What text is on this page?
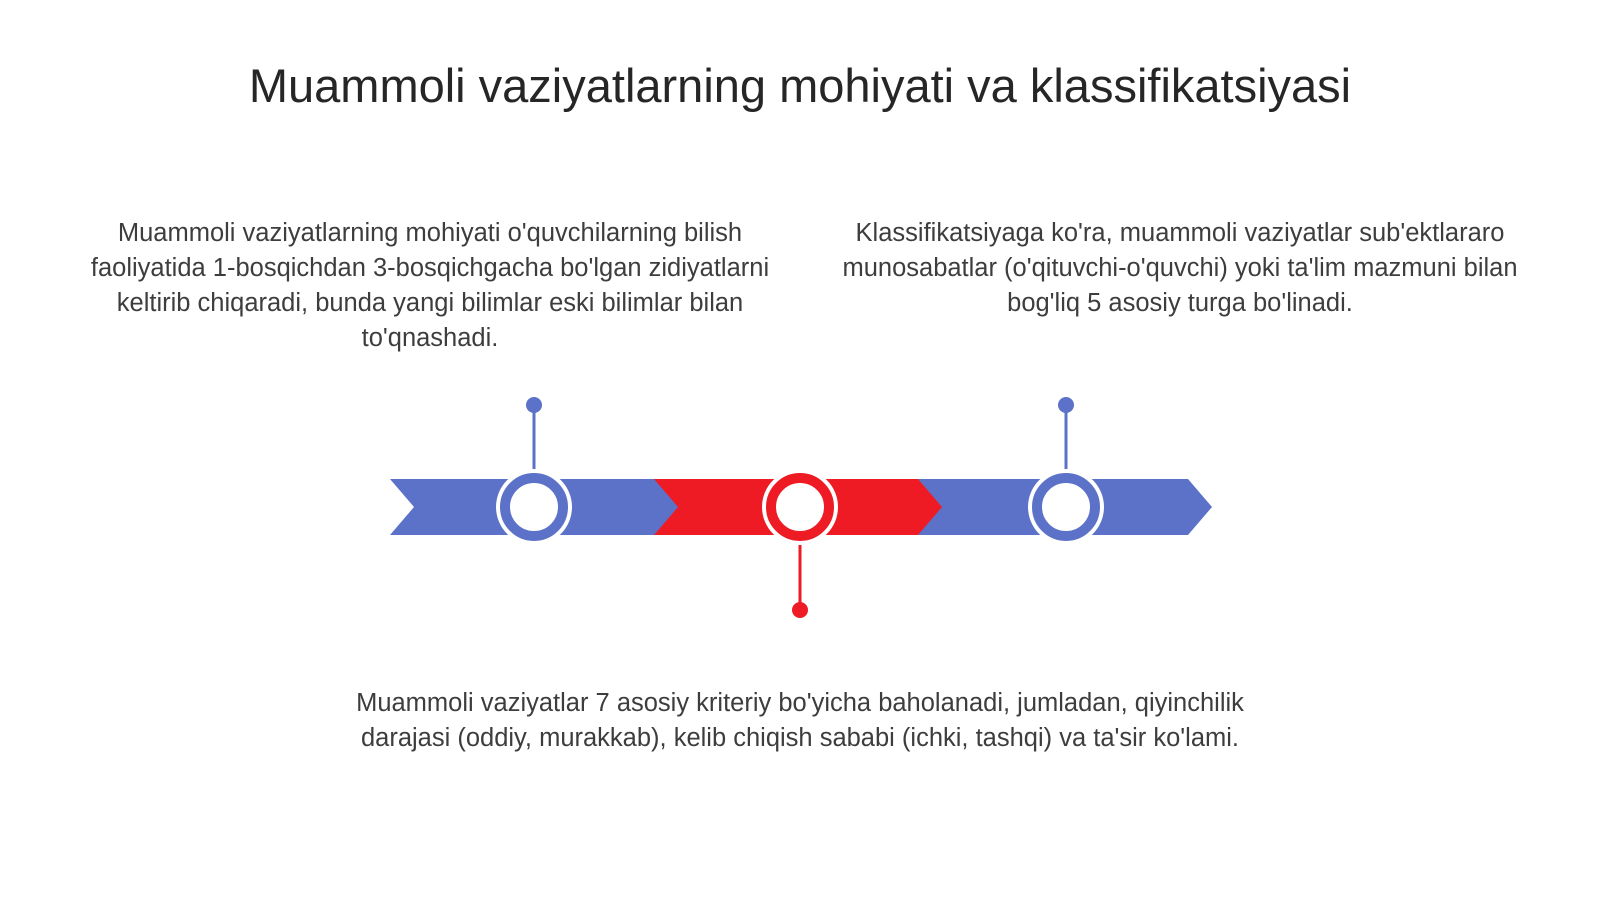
Muammoli vaziyatlarning mohiyati va klassifikatsiyasi
Muammoli vaziyatlarning mohiyati o'quvchilarning bilish faoliyatida 1-bosqichdan 3-bosqichgacha bo'lgan zidiyatlarni keltirib chiqaradi, bunda yangi bilimlar eski bilimlar bilan to'qnashadi.
Klassifikatsiyaga ko'ra, muammoli vaziyatlar sub'ektlararo munosabatlar (o'qituvchi-o'quvchi) yoki ta'lim mazmuni bilan bog'liq 5 asosiy turga bo'linadi.
Muammoli vaziyatlar 7 asosiy kriteriy bo'yicha baholanadi, jumladan, qiyinchilik darajasi (oddiy, murakkab), kelib chiqish sababi (ichki, tashqi) va ta'sir ko'lami.
